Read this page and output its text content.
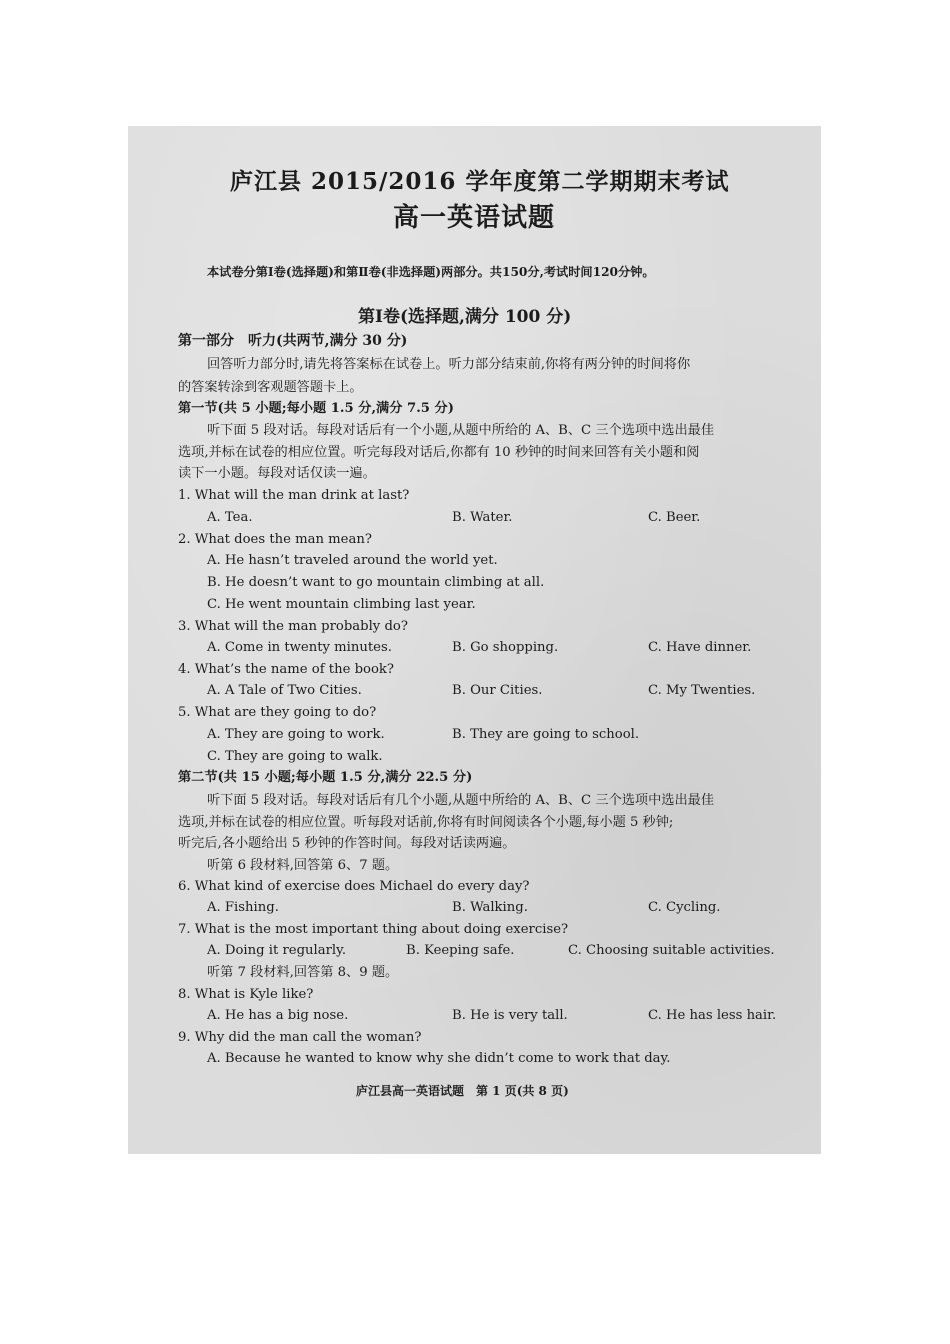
庐江县 2015/2016 学年度第二学期期末考试
高一英语试题
本试卷分第Ⅰ卷(选择题)和第Ⅱ卷(非选择题)两部分。共150分,考试时间120分钟。
第Ⅰ卷(选择题,满分 100 分)
第一部分　听力(共两节,满分 30 分)
回答听力部分时,请先将答案标在试卷上。听力部分结束前,你将有两分钟的时间将你
的答案转涂到客观题答题卡上。
第一节(共 5 小题;每小题 1.5 分,满分 7.5 分)
听下面 5 段对话。每段对话后有一个小题,从题中所给的 A、B、C 三个选项中选出最佳
选项,并标在试卷的相应位置。听完每段对话后,你都有 10 秒钟的时间来回答有关小题和阅
读下一小题。每段对话仅读一遍。
1. What will the man drink at last?
A. Tea.	B. Water.	C. Beer.
2. What does the man mean?
A. He hasn’t traveled around the world yet.
B. He doesn’t want to go mountain climbing at all.
C. He went mountain climbing last year.
3. What will the man probably do?
A. Come in twenty minutes.	B. Go shopping.	C. Have dinner.
4. What’s the name of the book?
A. A Tale of Two Cities.	B. Our Cities.	C. My Twenties.
5. What are they going to do?
A. They are going to work.	B. They are going to school.
C. They are going to walk.
第二节(共 15 小题;每小题 1.5 分,满分 22.5 分)
听下面 5 段对话。每段对话后有几个小题,从题中所给的 A、B、C 三个选项中选出最佳
选项,并标在试卷的相应位置。听每段对话前,你将有时间阅读各个小题,每小题 5 秒钟;
听完后,各小题给出 5 秒钟的作答时间。每段对话读两遍。
听第 6 段材料,回答第 6、7 题。
6. What kind of exercise does Michael do every day?
A. Fishing.	B. Walking.	C. Cycling.
7. What is the most important thing about doing exercise?
A. Doing it regularly.	B. Keeping safe.	C. Choosing suitable activities.
听第 7 段材料,回答第 8、9 题。
8. What is Kyle like?
A. He has a big nose.	B. He is very tall.	C. He has less hair.
9. Why did the man call the woman?
A. Because he wanted to know why she didn’t come to work that day.
庐江县高一英语试题　第 1 页(共 8 页)
